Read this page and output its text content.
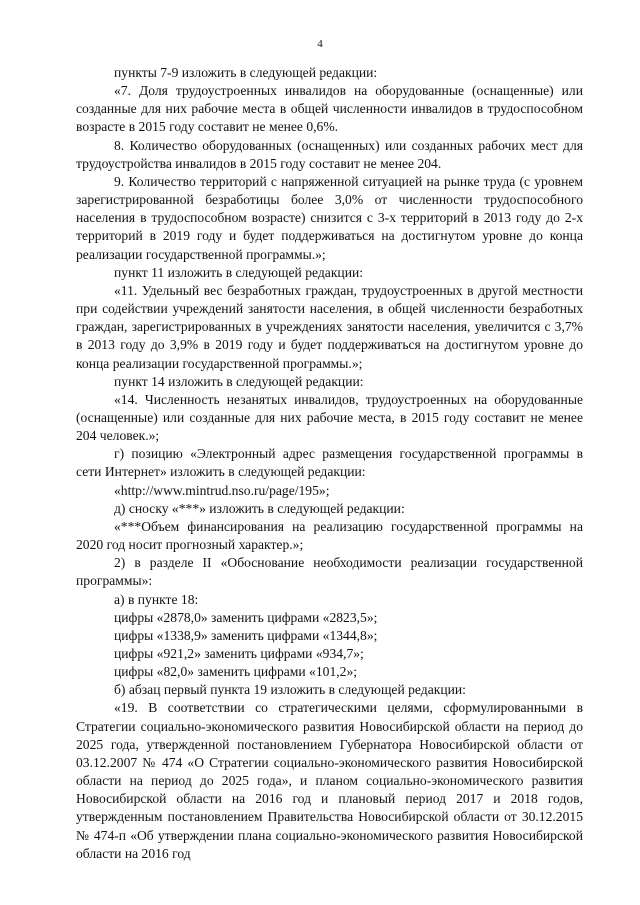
4

пункты 7-9 изложить в следующей редакции:

«7. Доля трудоустроенных инвалидов на оборудованные (оснащенные) или созданные для них рабочие места в общей численности инвалидов в трудоспособном возрасте в 2015 году составит не менее 0,6%.

8. Количество оборудованных (оснащенных) или созданных рабочих мест для трудоустройства инвалидов в 2015 году составит не менее 204.

9. Количество территорий с напряженной ситуацией на рынке труда (с уровнем зарегистрированной безработицы более 3,0% от численности трудоспособного населения в трудоспособном возрасте) снизится с 3-х территорий в 2013 году до 2-х территорий в 2019 году и будет поддерживаться на достигнутом уровне до конца реализации государственной программы.»;

пункт 11 изложить в следующей редакции:

«11. Удельный вес безработных граждан, трудоустроенных в другой местности при содействии учреждений занятости населения, в общей численности безработных граждан, зарегистрированных в учреждениях занятости населения, увеличится с 3,7% в 2013 году до 3,9% в 2019 году и будет поддерживаться на достигнутом уровне до конца реализации государственной программы.»;

пункт 14 изложить в следующей редакции:

«14. Численность незанятых инвалидов, трудоустроенных на оборудованные (оснащенные) или созданные для них рабочие места, в 2015 году составит не менее 204 человек.»;

г) позицию «Электронный адрес размещения государственной программы в сети Интернет» изложить в следующей редакции:

«http://www.mintrud.nso.ru/page/195»;

д) сноску «***» изложить в следующей редакции:

«***Объем финансирования на реализацию государственной программы на 2020 год носит прогнозный характер.»;

2) в разделе II «Обоснование необходимости реализации государственной программы»:

а) в пункте 18:

цифры «2878,0» заменить цифрами «2823,5»;

цифры «1338,9» заменить цифрами «1344,8»;

цифры «921,2» заменить цифрами «934,7»;

цифры «82,0» заменить цифрами «101,2»;

б) абзац первый пункта 19 изложить в следующей редакции:

«19. В соответствии со стратегическими целями, сформулированными в Стратегии социально-экономического развития Новосибирской области на период до 2025 года, утвержденной постановлением Губернатора Новосибирской области от 03.12.2007 № 474 «О Стратегии социально-экономического развития Новосибирской области на период до 2025 года», и планом социально-экономического развития Новосибирской области на 2016 год и плановый период 2017 и 2018 годов, утвержденным постановлением Правительства Новосибирской области от 30.12.2015 № 474-п «Об утверждении плана социально-экономического развития Новосибирской области на 2016 год
